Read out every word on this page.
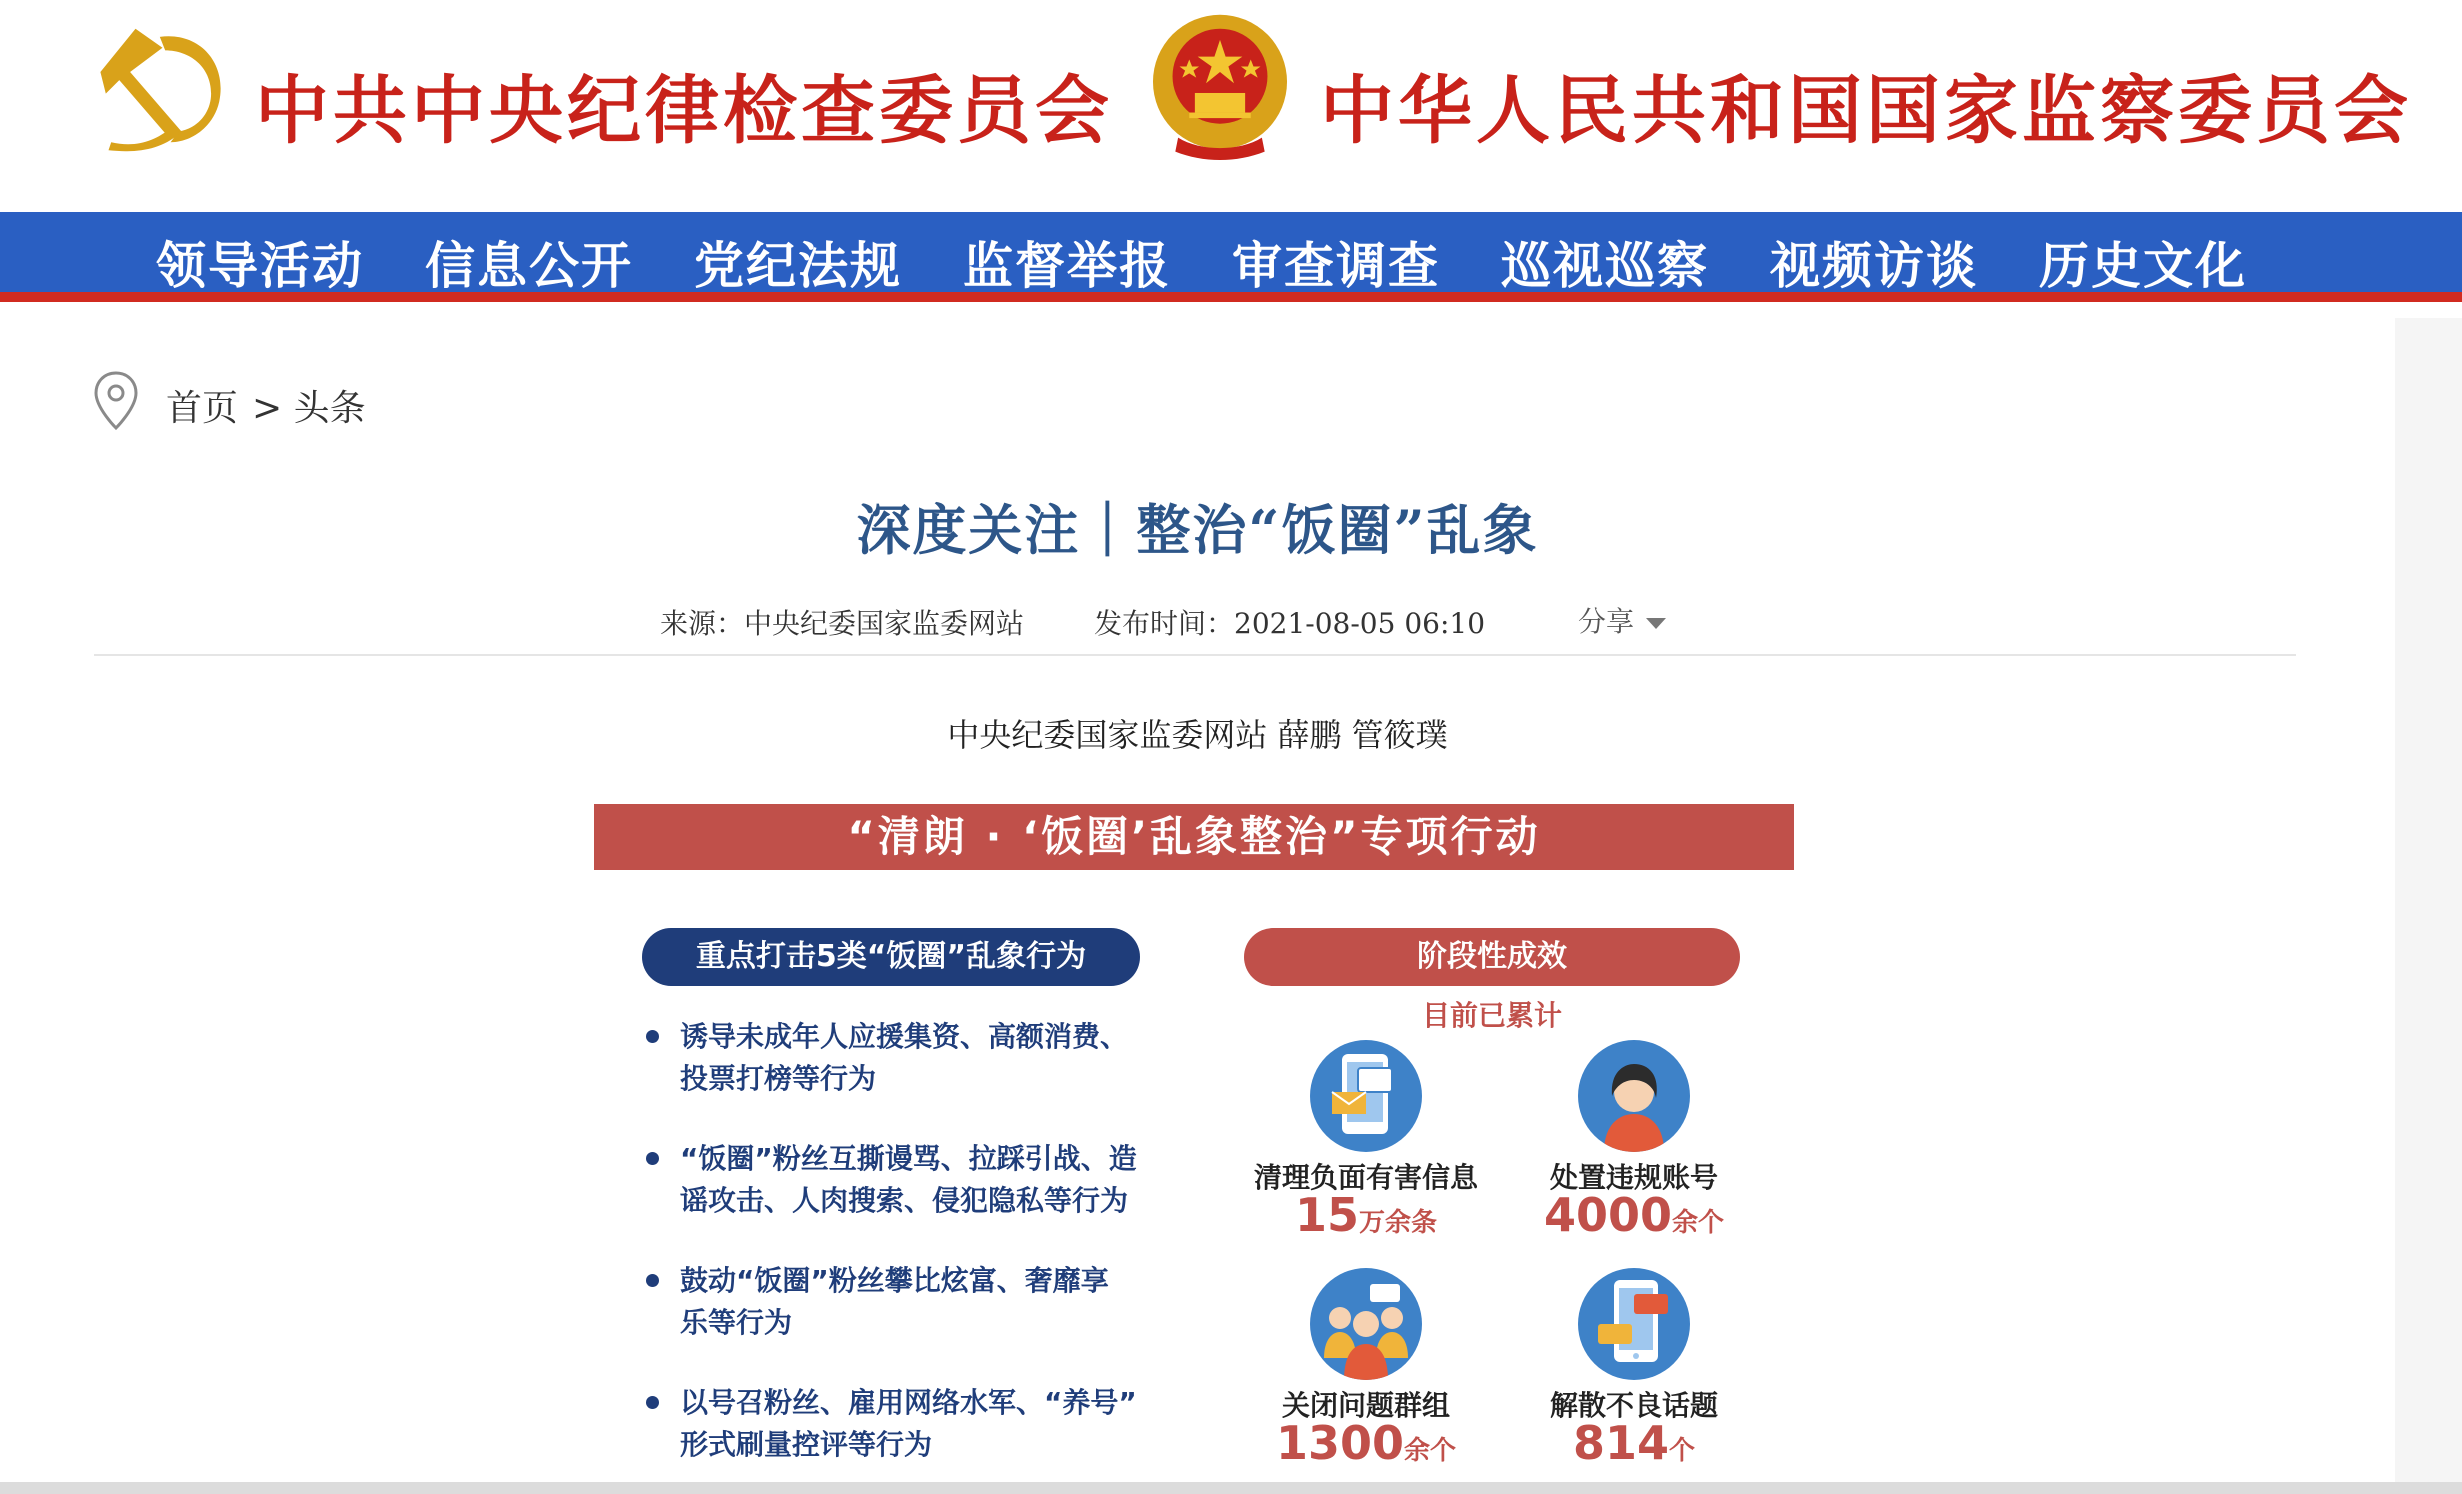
中共中央纪律检查委员会	中华人民共和国国家监察委员会
领导活动 信息公开 党纪法规 监督举报 审查调查 巡视巡察 视频访谈 历史文化
首页 > 头条
深度关注｜整治“饭圈”乱象
来源：中央纪委国家监委网站 发布时间：2021-08-05 06:10	分享
中央纪委国家监委网站 薛鹏 管筱璞
“清朗 · ‘饭圈’乱象整治”专项行动
重点打击5类“饭圈”乱象行为
诱导未成年人应援集资、高额消费、
投票打榜等行为
“饭圈”粉丝互撕谩骂、拉踩引战、造
谣攻击、人肉搜索、侵犯隐私等行为
鼓动“饭圈”粉丝攀比炫富、奢靡享
乐等行为
以号召粉丝、雇用网络水军、“养号”
形式刷量控评等行为
阶段性成效
目前已累计
清理负面有害信息
15万余条
处置违规账号
4000余个
关闭问题群组
1300余个
解散不良话题
814个
